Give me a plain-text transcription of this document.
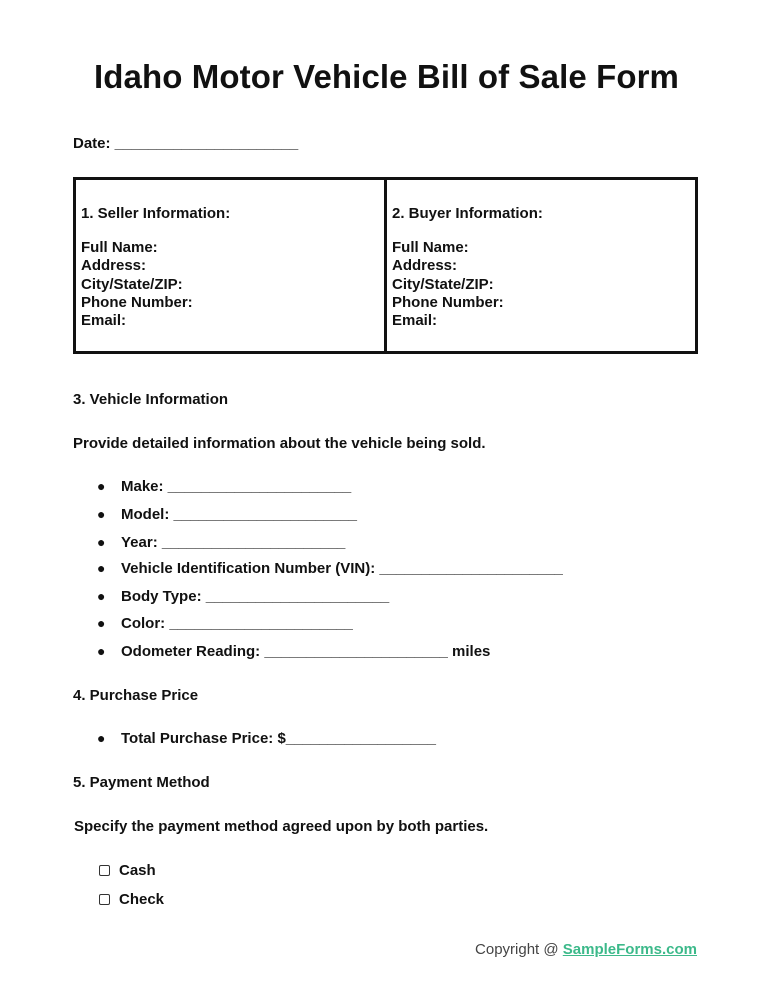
Idaho Motor Vehicle Bill of Sale Form
Date: ______________________
1. Seller Information:
Full Name:
Address:
City/State/ZIP:
Phone Number:
Email:
2. Buyer Information:
Full Name:
Address:
City/State/ZIP:
Phone Number:
Email:
3. Vehicle Information
Provide detailed information about the vehicle being sold.
● Make: ______________________
● Model: ______________________
● Year: ______________________
● Vehicle Identification Number (VIN): ______________________
● Body Type: ______________________
● Color: ______________________
● Odometer Reading: ______________________ miles
4. Purchase Price
● Total Purchase Price: $__________________
5. Payment Method
Specify the payment method agreed upon by both parties.
Cash
Check
Copyright @ SampleForms.com
